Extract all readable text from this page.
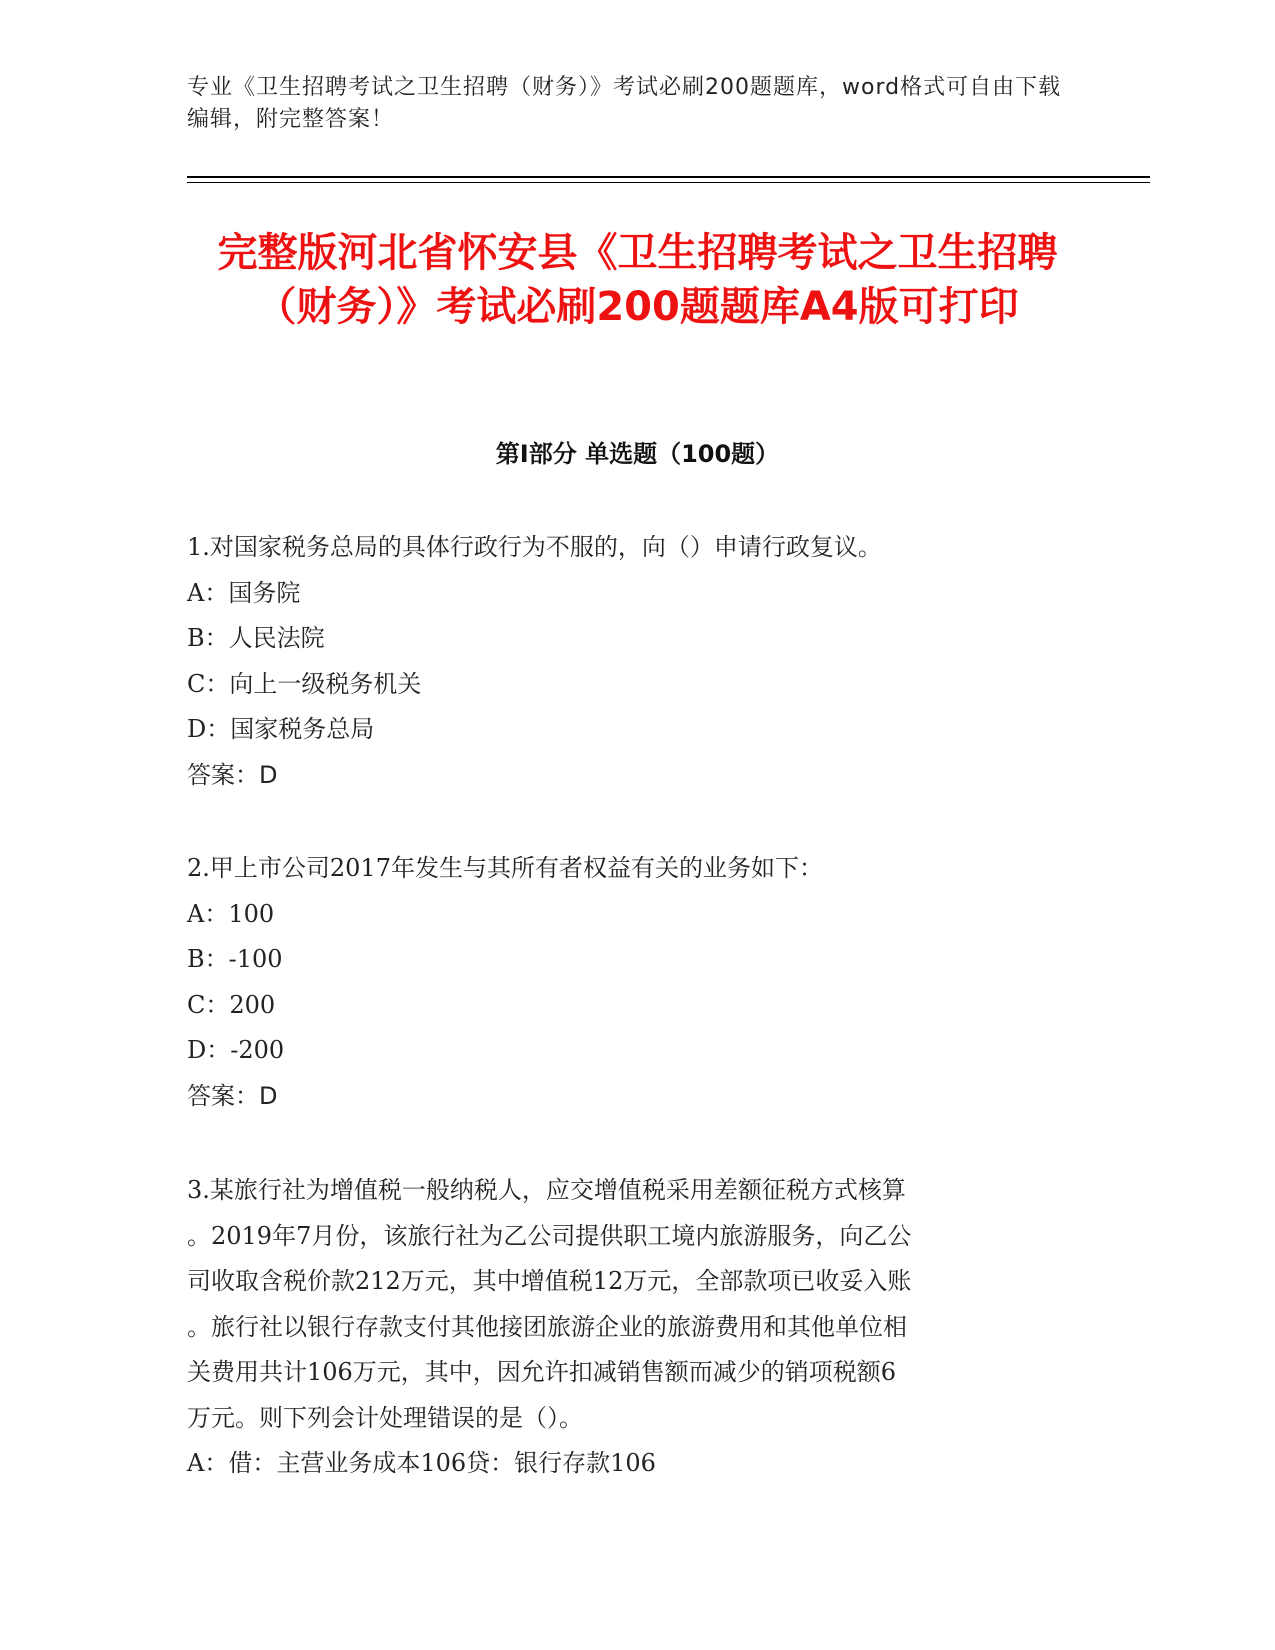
专业《卫生招聘考试之卫生招聘（财务）》考试必刷200题题库，word格式可自由下载编辑，附完整答案！
完整版河北省怀安县《卫生招聘考试之卫生招聘（财务）》考试必刷200题题库A4版可打印
第Ⅰ部分 单选题（100题）
1.对国家税务总局的具体行政行为不服的，向（）申请行政复议。
A：国务院
B：人民法院
C：向上一级税务机关
D：国家税务总局
答案：D
2.甲上市公司2017年发生与其所有者权益有关的业务如下：
A：100
B：-100
C：200
D：-200
答案：D
3.某旅行社为增值税一般纳税人，应交增值税采用差额征税方式核算
。2019年7月份，该旅行社为乙公司提供职工境内旅游服务，向乙公
司收取含税价款212万元，其中增值税12万元，全部款项已收妥入账
。旅行社以银行存款支付其他接团旅游企业的旅游费用和其他单位相
关费用共计106万元，其中，因允许扣减销售额而减少的销项税额6
万元。则下列会计处理错误的是（）。
A：借：主营业务成本106贷：银行存款106
